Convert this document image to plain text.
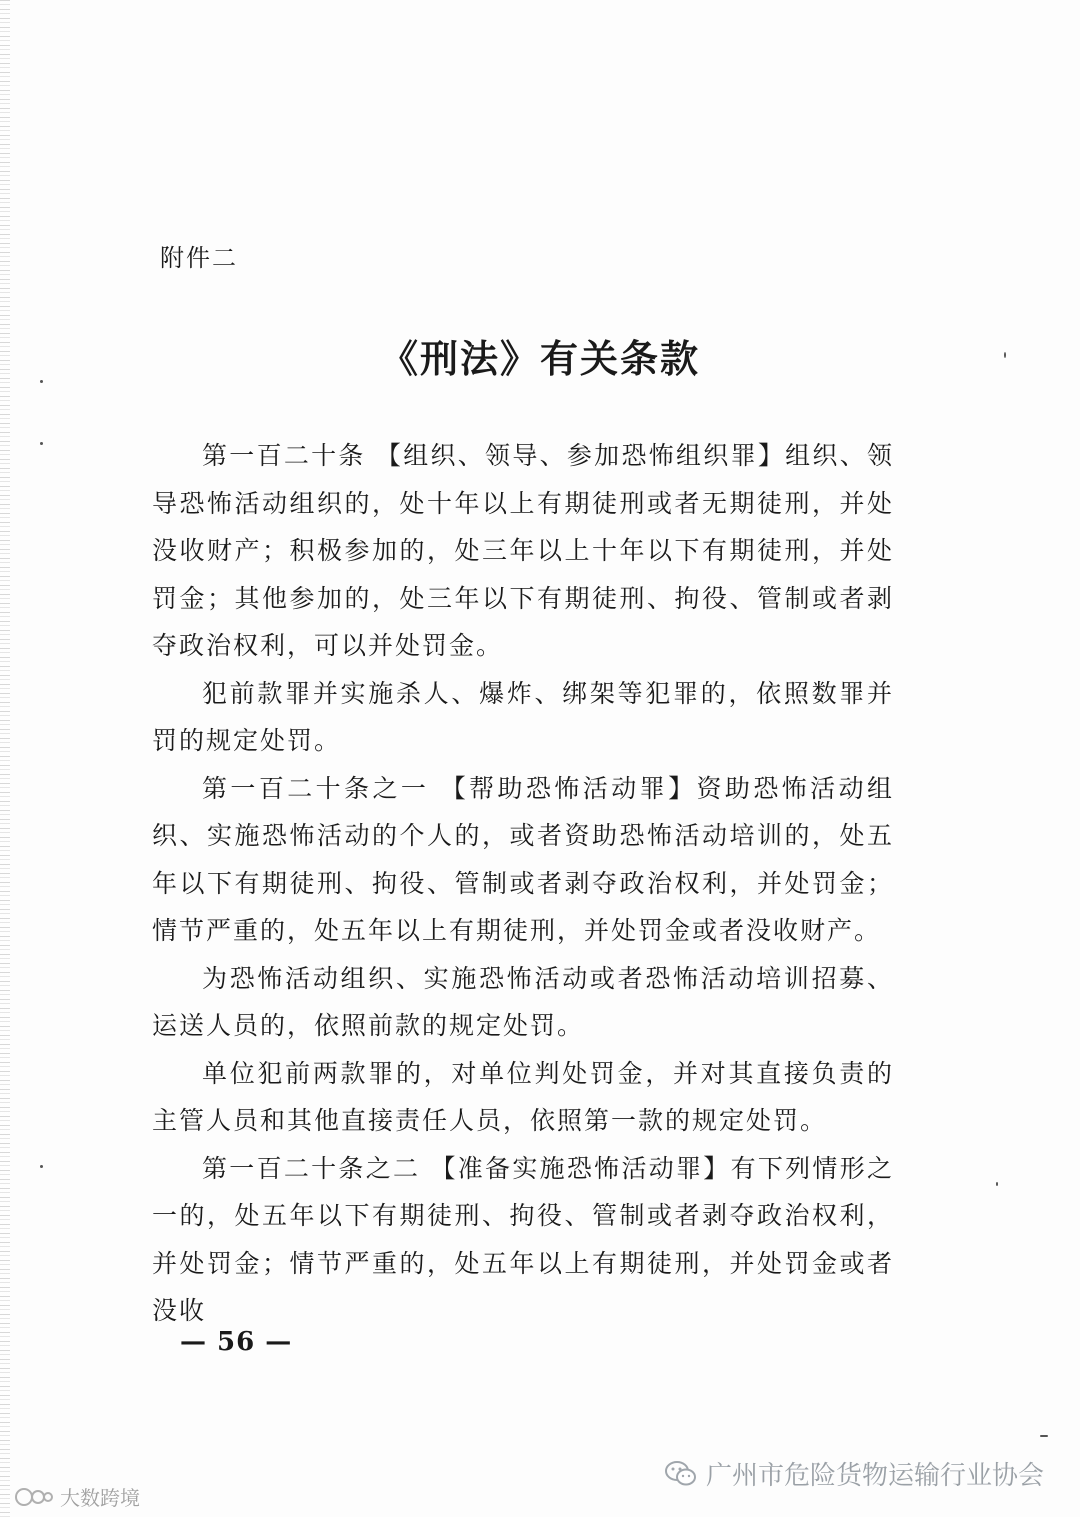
附件二
《刑法》有关条款

第一百二十条 【组织、领导、参加恐怖组织罪】组织、领导恐怖活动组织的，处十年以上有期徒刑或者无期徒刑，并处没收财产；积极参加的，处三年以上十年以下有期徒刑，并处罚金；其他参加的，处三年以下有期徒刑、拘役、管制或者剥夺政治权利，可以并处罚金。

犯前款罪并实施杀人、爆炸、绑架等犯罪的，依照数罪并罚的规定处罚。

第一百二十条之一 【帮助恐怖活动罪】资助恐怖活动组织、实施恐怖活动的个人的，或者资助恐怖活动培训的，处五年以下有期徒刑、拘役、管制或者剥夺政治权利，并处罚金；情节严重的，处五年以上有期徒刑，并处罚金或者没收财产。

为恐怖活动组织、实施恐怖活动或者恐怖活动培训招募、运送人员的，依照前款的规定处罚。

单位犯前两款罪的，对单位判处罚金，并对其直接负责的主管人员和其他直接责任人员，依照第一款的规定处罚。

第一百二十条之二 【准备实施恐怖活动罪】有下列情形之一的，处五年以下有期徒刑、拘役、管制或者剥夺政治权利，并处罚金；情节严重的，处五年以上有期徒刑，并处罚金或者没收

— 56 —
广州市危险货物运输行业协会
大数跨境
